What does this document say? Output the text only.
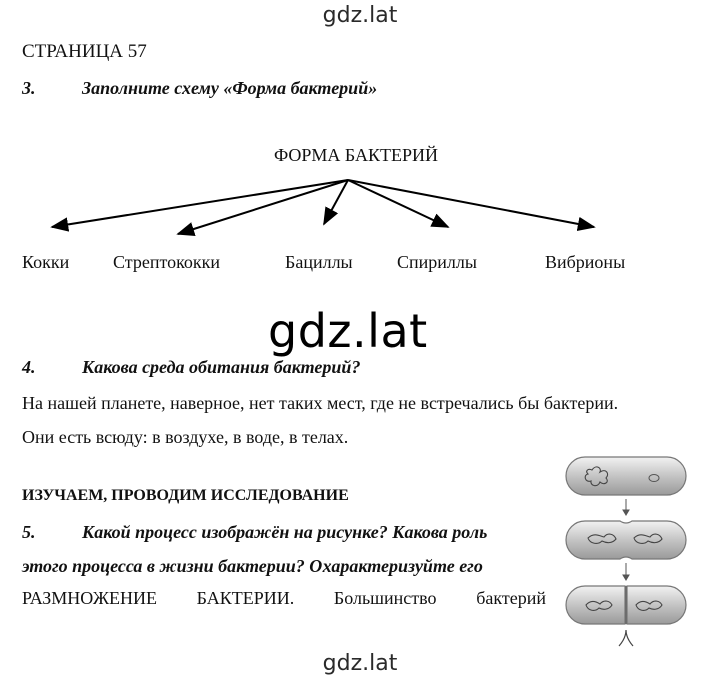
gdz.lat
gdz.lat
gdz.lat
СТРАНИЦА 57
3.	Заполните схему «Форма бактерий»
ФОРМА БАКТЕРИЙ
Кокки Стрептококки	Бациллы Спириллы	Вибрионы
4.	Какова среда обитания бактерий?
На нашей планете, наверное, нет таких мест, где не встречались бы бактерии.
Они есть всюду: в воздухе, в воде, в телах.
ИЗУЧАЕМ, ПРОВОДИМ ИССЛЕДОВАНИЕ
5.	Какой процесс изображён на рисунке? Какова роль
этого процесса в жизни бактерии? Охарактеризуйте его
РАЗМНОЖЕНИЕ БАКТЕРИИ. Большинство бактерий
